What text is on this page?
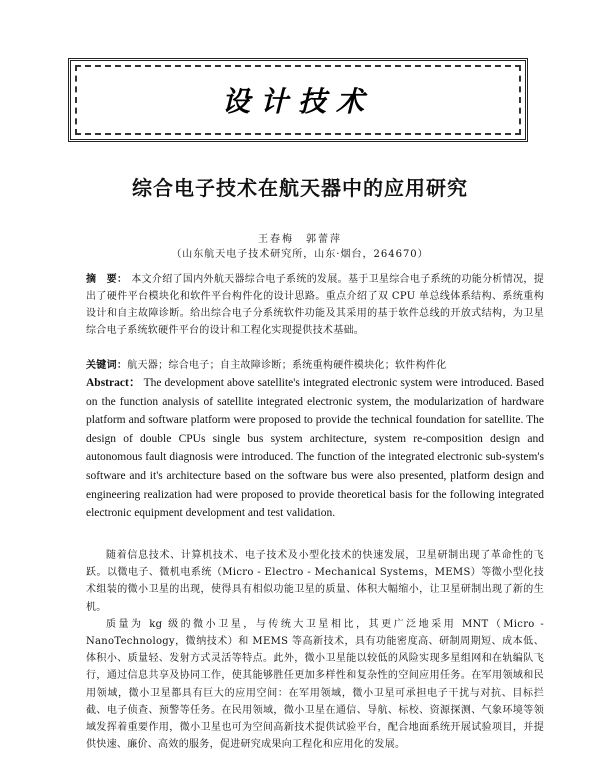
设计技术
综合电子技术在航天器中的应用研究
王春梅　郭蕾萍
（山东航天电子技术研究所，山东·烟台，264670）
摘　要： 本文介绍了国内外航天器综合电子系统的发展。基于卫星综合电子系统的功能分析情况，提出了硬件平台模块化和软件平台构件化的设计思路。重点介绍了双 CPU 单总线体系结构、系统重构设计和自主故障诊断。给出综合电子分系统软件功能及其采用的基于软件总线的开放式结构，为卫星综合电子系统软硬件平台的设计和工程化实现提供技术基础。
关键词：航天器；综合电子；自主故障诊断；系统重构硬件模块化；软件构件化
Abstract： The development above satellite's integrated electronic system were introduced. Based on the function analysis of satellite integrated electronic system, the modularization of hardware platform and software platform were proposed to provide the technical foundation for satellite. The design of double CPUs single bus system architecture, system re-composition design and autonomous fault diagnosis were introduced. The function of the integrated electronic sub-system's software and it's architecture based on the software bus were also presented, platform design and engineering realization had were proposed to provide theoretical basis for the following integrated electronic equipment development and test validation.

随着信息技术、计算机技术、电子技术及小型化技术的快速发展，卫星研制出现了革命性的飞跃。以微电子、微机电系统（Micro - Electro - Mechanical Systems，MEMS）等微小型化技术组装的微小卫星的出现，使得具有相似功能卫星的质量、体积大幅缩小，让卫星研制出现了新的生机。

质量为 kg 级的微小卫星，与传统大卫星相比，其更广泛地采用 MNT（Micro - NanoTechnology，微纳技术）和 MEMS 等高新技术，具有功能密度高、研制周期短、成本低、体积小、质量轻、发射方式灵活等特点。此外，微小卫星能以较低的风险实现多星组网和在轨编队飞行，通过信息共享及协同工作，使其能够胜任更加多样性和复杂性的空间应用任务。在军用领域和民用领域，微小卫星都具有巨大的应用空间：在军用领域，微小卫星可承担电子干扰与对抗、目标拦截、电子侦查、预警等任务。在民用领域，微小卫星在通信、导航、标校、资源探测、气象环境等领域发挥着重要作用，微小卫星也可为空间高新技术提供试验平台，配合地面系统开展试验项目，并提供快速、廉价、高效的服务，促进研究成果向工程化和应用化的发展。
